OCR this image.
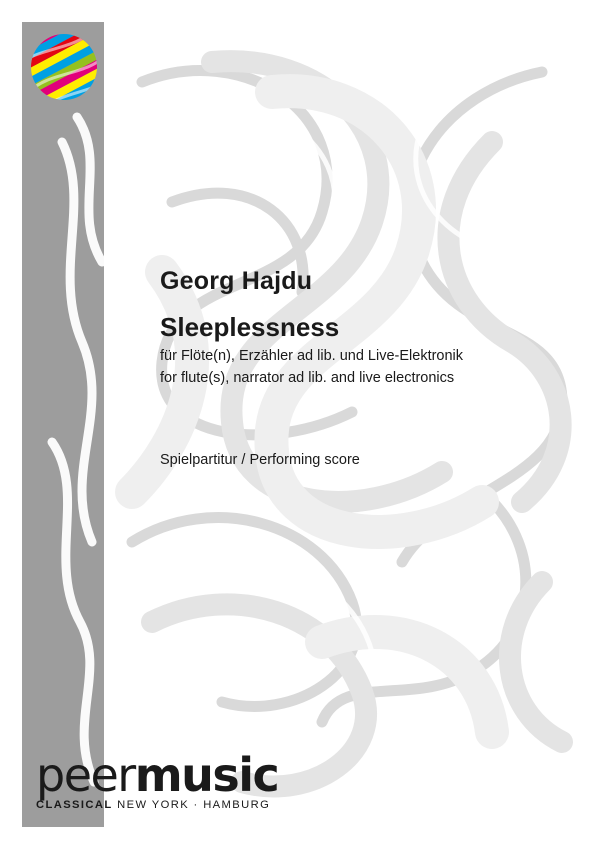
Georg Hajdu
Sleeplessness
für Flöte(n), Erzähler ad lib. und Live-Elektronik
for flute(s), narrator ad lib. and live electronics
Spielpartitur / Performing score
peermusic
CLASSICAL NEW YORK · HAMBURG
